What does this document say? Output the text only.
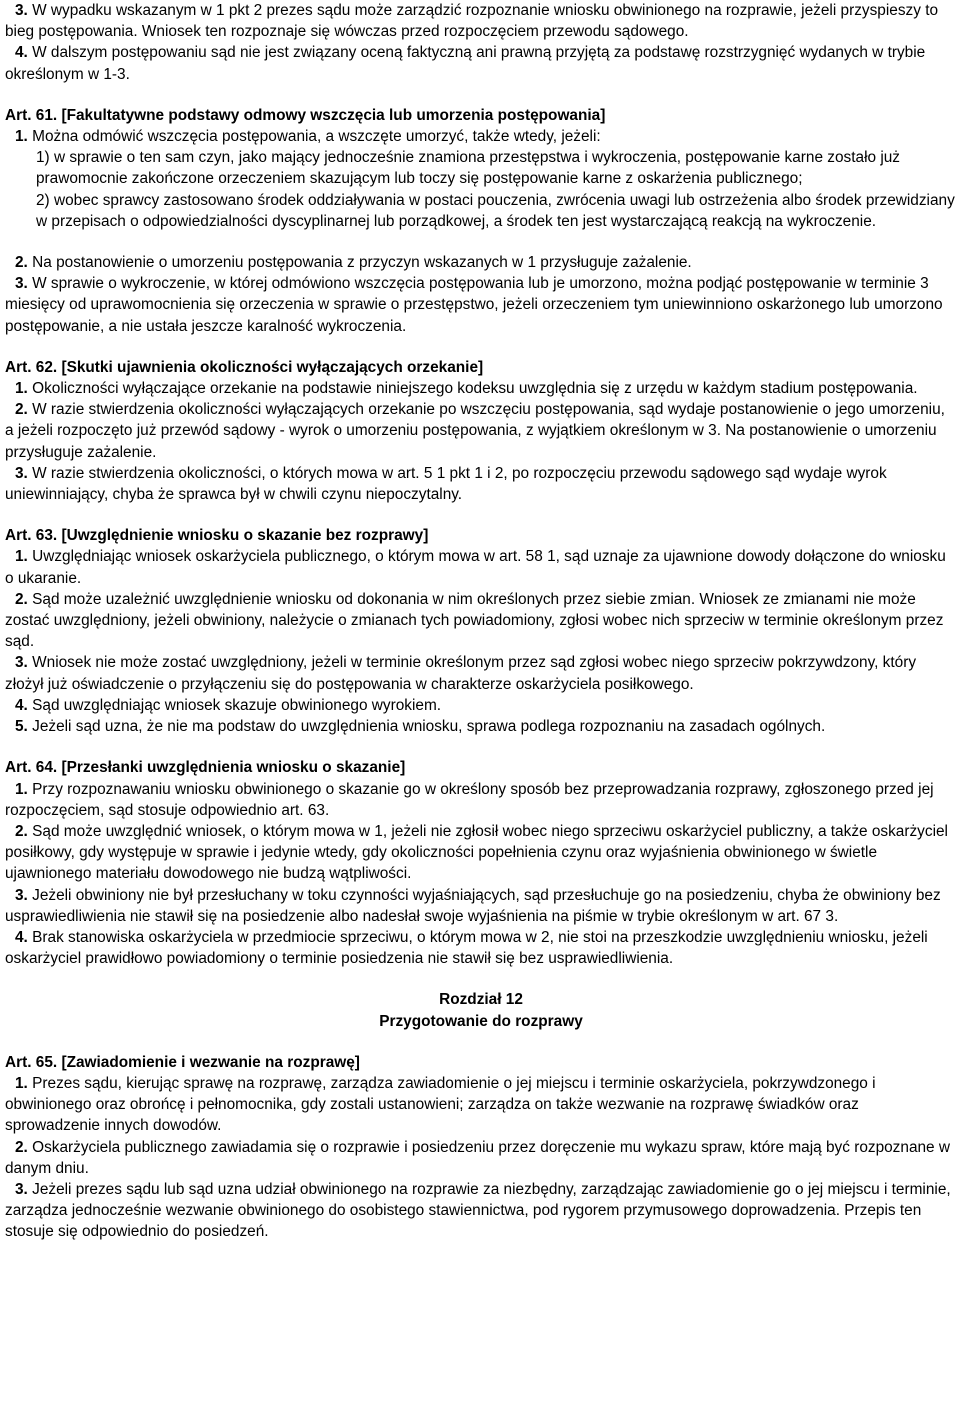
3. W wypadku wskazanym w 1 pkt 2 prezes sądu może zarządzić rozpoznanie wniosku obwinionego na rozprawie, jeżeli przyspieszy to bieg postępowania. Wniosek ten rozpoznaje się wówczas przed rozpoczęciem przewodu sądowego.

4. W dalszym postępowaniu sąd nie jest związany oceną faktyczną ani prawną przyjętą za podstawę rozstrzygnięć wydanych w trybie określonym w 1-3.

Art. 61. [Fakultatywne podstawy odmowy wszczęcia lub umorzenia postępowania]

1. Można odmówić wszczęcia postępowania, a wszczęte umorzyć, także wtedy, jeżeli:

1) w sprawie o ten sam czyn, jako mający jednocześnie znamiona przestępstwa i wykroczenia, postępowanie karne zostało już prawomocnie zakończone orzeczeniem skazującym lub toczy się postępowanie karne z oskarżenia publicznego;

2) wobec sprawcy zastosowano środek oddziaływania w postaci pouczenia, zwrócenia uwagi lub ostrzeżenia albo środek przewidziany w przepisach o odpowiedzialności dyscyplinarnej lub porządkowej, a środek ten jest wystarczającą reakcją na wykroczenie.

2. Na postanowienie o umorzeniu postępowania z przyczyn wskazanych w 1 przysługuje zażalenie.

3. W sprawie o wykroczenie, w której odmówiono wszczęcia postępowania lub je umorzono, można podjąć postępowanie w terminie 3 miesięcy od uprawomocnienia się orzeczenia w sprawie o przestępstwo, jeżeli orzeczeniem tym uniewinniono oskarżonego lub umorzono postępowanie, a nie ustała jeszcze karalność wykroczenia.

Art. 62. [Skutki ujawnienia okoliczności wyłączających orzekanie]

1. Okoliczności wyłączające orzekanie na podstawie niniejszego kodeksu uwzględnia się z urzędu w każdym stadium postępowania.

2. W razie stwierdzenia okoliczności wyłączających orzekanie po wszczęciu postępowania, sąd wydaje postanowienie o jego umorzeniu, a jeżeli rozpoczęto już przewód sądowy - wyrok o umorzeniu postępowania, z wyjątkiem określonym w 3. Na postanowienie o umorzeniu przysługuje zażalenie.

3. W razie stwierdzenia okoliczności, o których mowa w art. 5 1 pkt 1 i 2, po rozpoczęciu przewodu sądowego sąd wydaje wyrok uniewinniający, chyba że sprawca był w chwili czynu niepoczytalny.

Art. 63. [Uwzględnienie wniosku o skazanie bez rozprawy]

1. Uwzględniając wniosek oskarżyciela publicznego, o którym mowa w art. 58 1, sąd uznaje za ujawnione dowody dołączone do wniosku o ukaranie.

2. Sąd może uzależnić uwzględnienie wniosku od dokonania w nim określonych przez siebie zmian. Wniosek ze zmianami nie może zostać uwzględniony, jeżeli obwiniony, należycie o zmianach tych powiadomiony, zgłosi wobec nich sprzeciw w terminie określonym przez sąd.

3. Wniosek nie może zostać uwzględniony, jeżeli w terminie określonym przez sąd zgłosi wobec niego sprzeciw pokrzywdzony, który złożył już oświadczenie o przyłączeniu się do postępowania w charakterze oskarżyciela posiłkowego.

4. Sąd uwzględniając wniosek skazuje obwinionego wyrokiem.

5. Jeżeli sąd uzna, że nie ma podstaw do uwzględnienia wniosku, sprawa podlega rozpoznaniu na zasadach ogólnych.

Art. 64. [Przesłanki uwzględnienia wniosku o skazanie]

1. Przy rozpoznawaniu wniosku obwinionego o skazanie go w określony sposób bez przeprowadzania rozprawy, zgłoszonego przed jej rozpoczęciem, sąd stosuje odpowiednio art. 63.

2. Sąd może uwzględnić wniosek, o którym mowa w 1, jeżeli nie zgłosił wobec niego sprzeciwu oskarżyciel publiczny, a także oskarżyciel posiłkowy, gdy występuje w sprawie i jedynie wtedy, gdy okoliczności popełnienia czynu oraz wyjaśnienia obwinionego w świetle ujawnionego materiału dowodowego nie budzą wątpliwości.

3. Jeżeli obwiniony nie był przesłuchany w toku czynności wyjaśniających, sąd przesłuchuje go na posiedzeniu, chyba że obwiniony bez usprawiedliwienia nie stawił się na posiedzenie albo nadesłał swoje wyjaśnienia na piśmie w trybie określonym w art. 67 3.

4. Brak stanowiska oskarżyciela w przedmiocie sprzeciwu, o którym mowa w 2, nie stoi na przeszkodzie uwzględnieniu wniosku, jeżeli oskarżyciel prawidłowo powiadomiony o terminie posiedzenia nie stawił się bez usprawiedliwienia.

Rozdział 12

Przygotowanie do rozprawy

Art. 65. [Zawiadomienie i wezwanie na rozprawę]

1. Prezes sądu, kierując sprawę na rozprawę, zarządza zawiadomienie o jej miejscu i terminie oskarżyciela, pokrzywdzonego i obwinionego oraz obrońcę i pełnomocnika, gdy zostali ustanowieni; zarządza on także wezwanie na rozprawę świadków oraz sprowadzenie innych dowodów.

2. Oskarżyciela publicznego zawiadamia się o rozprawie i posiedzeniu przez doręczenie mu wykazu spraw, które mają być rozpoznane w danym dniu.

3. Jeżeli prezes sądu lub sąd uzna udział obwinionego na rozprawie za niezbędny, zarządzając zawiadomienie go o jej miejscu i terminie, zarządza jednocześnie wezwanie obwinionego do osobistego stawiennictwa, pod rygorem przymusowego doprowadzenia. Przepis ten stosuje się odpowiednio do posiedzeń.
